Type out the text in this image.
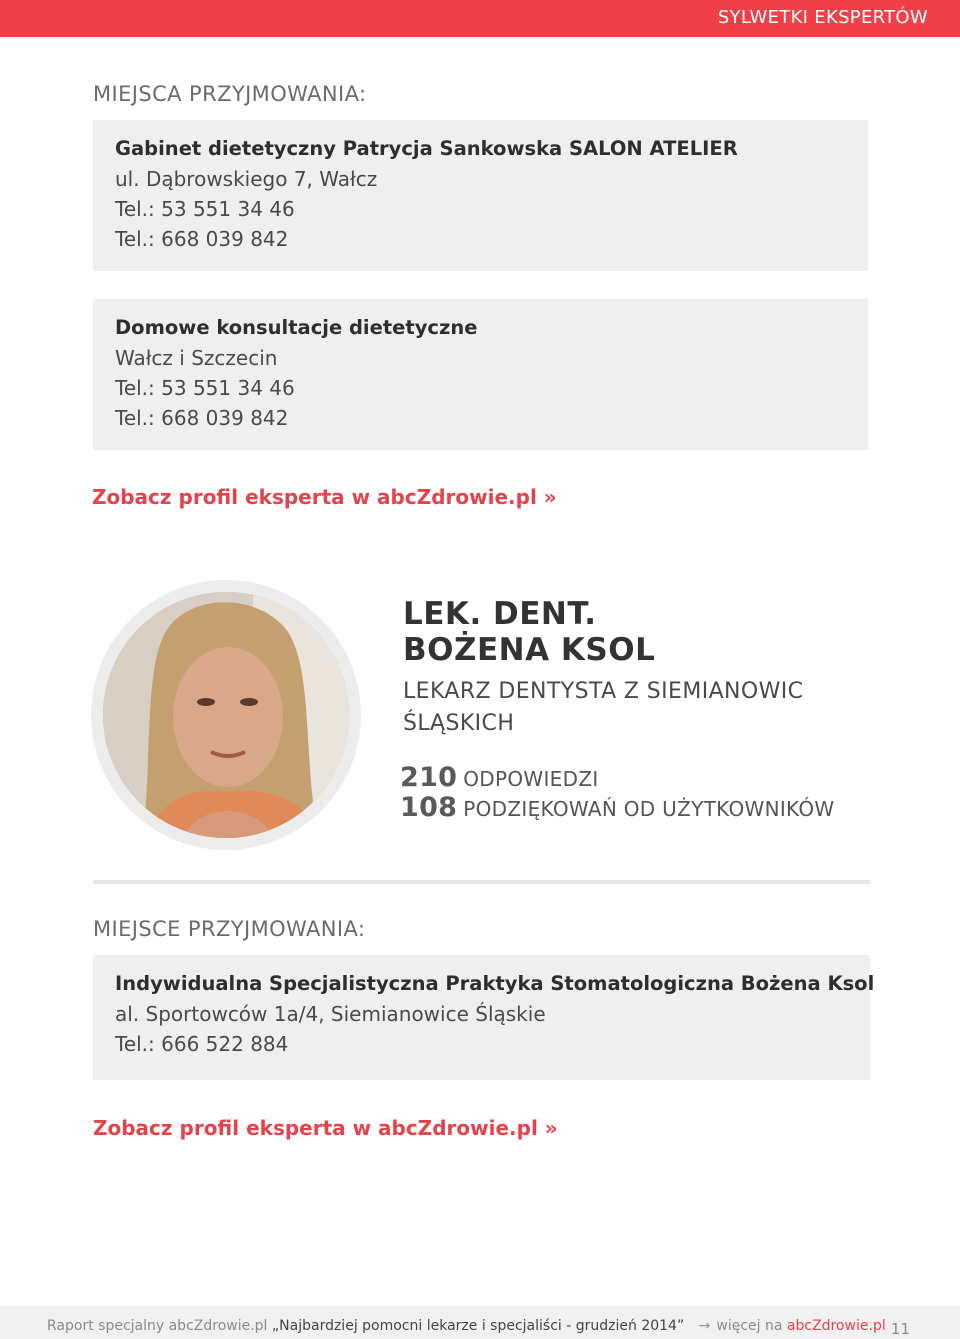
SYLWETKI EKSPERTÓW
MIEJSCA PRZYJMOWANIA:
Gabinet dietetyczny Patrycja Sankowska SALON ATELIER
ul. Dąbrowskiego 7, Wałcz
Tel.: 53 551 34 46
Tel.: 668 039 842
Domowe konsultacje dietetyczne
Wałcz i Szczecin
Tel.: 53 551 34 46
Tel.: 668 039 842
Zobacz profil eksperta w abcZdrowie.pl »
LEK. DENT.
BOŻENA KSOL
LEKARZ DENTYSTA Z SIEMIANOWIC ŚLĄSKICH
210 ODPOWIEDZI
108 PODZIĘKOWAŃ OD UŻYTKOWNIKÓW
MIEJSCE PRZYJMOWANIA:
Indywidualna Specjalistyczna Praktyka Stomatologiczna Bożena Ksol
al. Sportowców 1a/4, Siemianowice Śląskie
Tel.: 666 522 884
Zobacz profil eksperta w abcZdrowie.pl »
Raport specjalny abcZdrowie.pl „Najbardziej pomocni lekarze i specjaliści - grudzień 2014” → więcej na abcZdrowie.pl 11
